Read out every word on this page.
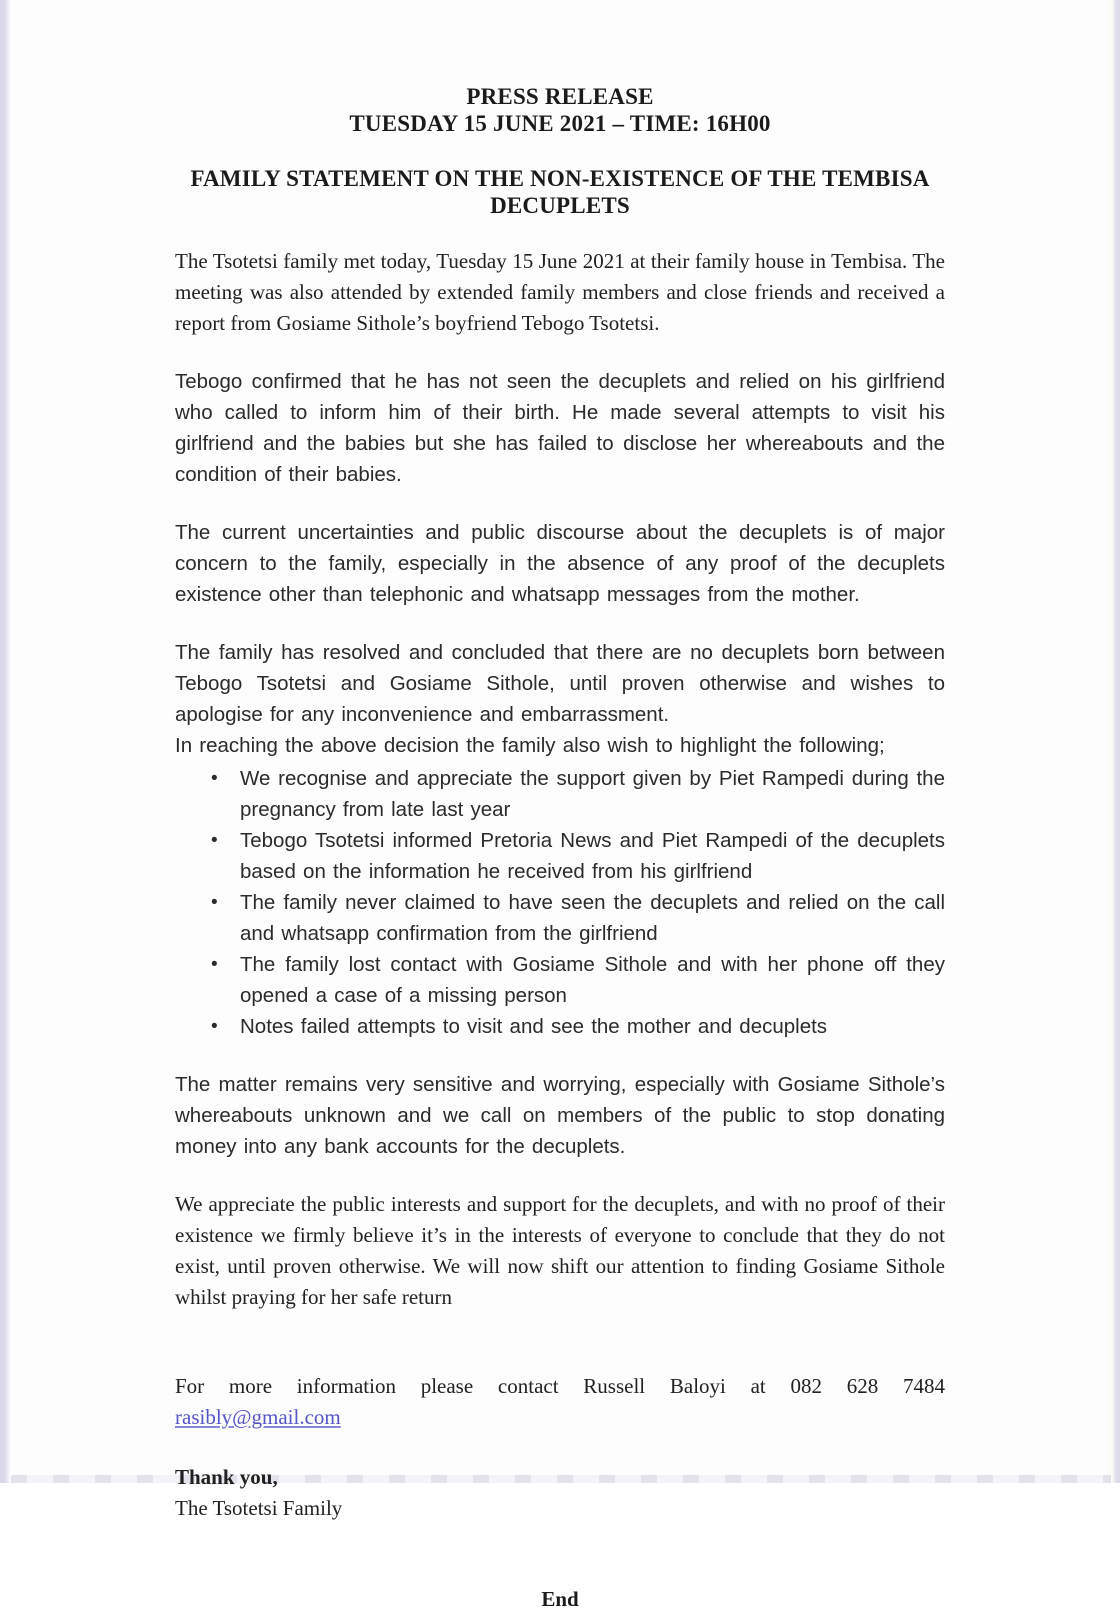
PRESS RELEASE
TUESDAY 15 JUNE 2021 – TIME: 16H00
FAMILY STATEMENT ON THE NON-EXISTENCE OF THE TEMBISA
DECUPLETS

The Tsotetsi family met today, Tuesday 15 June 2021 at their family house in Tembisa. The meeting was also attended by extended family members and close friends and received a report from Gosiame Sithole’s boyfriend Tebogo Tsotetsi.

Tebogo confirmed that he has not seen the decuplets and relied on his girlfriend who called to inform him of their birth. He made several attempts to visit his girlfriend and the babies but she has failed to disclose her whereabouts and the condition of their babies.

The current uncertainties and public discourse about the decuplets is of major concern to the family, especially in the absence of any proof of the decuplets existence other than telephonic and whatsapp messages from the mother.

The family has resolved and concluded that there are no decuplets born between Tebogo Tsotetsi and Gosiame Sithole, until proven otherwise and wishes to apologise for any inconvenience and embarrassment.

In reaching the above decision the family also wish to highlight the following;

• We recognise and appreciate the support given by Piet Rampedi during the pregnancy from late last year
• Tebogo Tsotetsi informed Pretoria News and Piet Rampedi of the decuplets based on the information he received from his girlfriend
• The family never claimed to have seen the decuplets and relied on the call and whatsapp confirmation from the girlfriend
• The family lost contact with Gosiame Sithole and with her phone off they opened a case of a missing person
• Notes failed attempts to visit and see the mother and decuplets

The matter remains very sensitive and worrying, especially with Gosiame Sithole’s whereabouts unknown and we call on members of the public to stop donating money into any bank accounts for the decuplets.

We appreciate the public interests and support for the decuplets, and with no proof of their existence we firmly believe it’s in the interests of everyone to conclude that they do not exist, until proven otherwise. We will now shift our attention to finding Gosiame Sithole whilst praying for her safe return

For more information please contact Russell Baloyi at 082 628 7484

rasibly@gmail.com
Thank you,
The Tsotetsi Family
End
